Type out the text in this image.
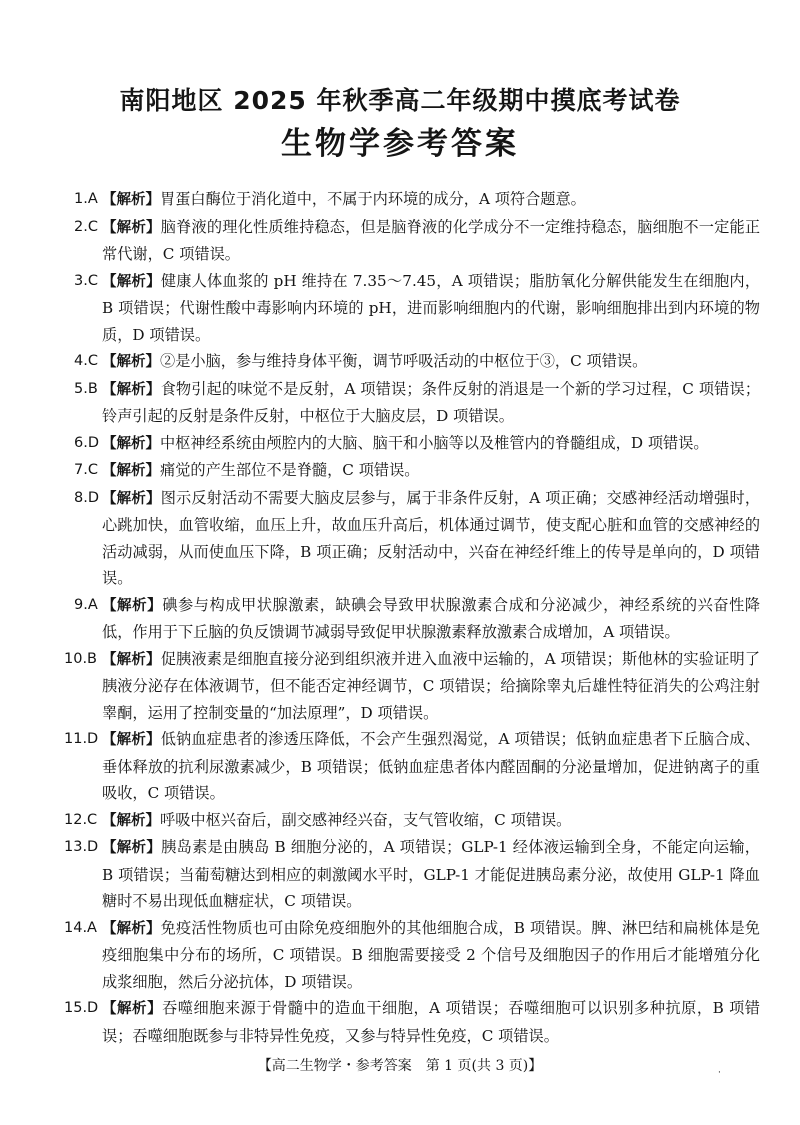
南阳地区 2025 年秋季高二年级期中摸底考试卷
生物学参考答案
1.A 【解析】胃蛋白酶位于消化道中，不属于内环境的成分，A 项符合题意。
2.C 【解析】脑脊液的理化性质维持稳态，但是脑脊液的化学成分不一定维持稳态，脑细胞不一定能正常代谢，C 项错误。
3.C 【解析】健康人体血浆的 pH 维持在 7.35～7.45，A 项错误；脂肪氧化分解供能发生在细胞内，B 项错误；代谢性酸中毒影响内环境的 pH，进而影响细胞内的代谢，影响细胞排出到内环境的物质，D 项错误。
4.C 【解析】②是小脑，参与维持身体平衡，调节呼吸活动的中枢位于③，C 项错误。
5.B 【解析】食物引起的味觉不是反射，A 项错误；条件反射的消退是一个新的学习过程，C 项错误；铃声引起的反射是条件反射，中枢位于大脑皮层，D 项错误。
6.D 【解析】中枢神经系统由颅腔内的大脑、脑干和小脑等以及椎管内的脊髓组成，D 项错误。
7.C 【解析】痛觉的产生部位不是脊髓，C 项错误。
8.D 【解析】图示反射活动不需要大脑皮层参与，属于非条件反射，A 项正确；交感神经活动增强时，心跳加快，血管收缩，血压上升，故血压升高后，机体通过调节，使支配心脏和血管的交感神经的活动减弱，从而使血压下降，B 项正确；反射活动中，兴奋在神经纤维上的传导是单向的，D 项错误。
9.A 【解析】碘参与构成甲状腺激素，缺碘会导致甲状腺激素合成和分泌减少，神经系统的兴奋性降低，作用于下丘脑的负反馈调节减弱导致促甲状腺激素释放激素合成增加，A 项错误。
10.B 【解析】促胰液素是细胞直接分泌到组织液并进入血液中运输的，A 项错误；斯他林的实验证明了胰液分泌存在体液调节，但不能否定神经调节，C 项错误；给摘除睾丸后雄性特征消失的公鸡注射睾酮，运用了控制变量的“加法原理”，D 项错误。
11.D 【解析】低钠血症患者的渗透压降低，不会产生强烈渴觉，A 项错误；低钠血症患者下丘脑合成、垂体释放的抗利尿激素减少，B 项错误；低钠血症患者体内醛固酮的分泌量增加，促进钠离子的重吸收，C 项错误。
12.C 【解析】呼吸中枢兴奋后，副交感神经兴奋，支气管收缩，C 项错误。
13.D 【解析】胰岛素是由胰岛 B 细胞分泌的，A 项错误；GLP-1 经体液运输到全身，不能定向运输，B 项错误；当葡萄糖达到相应的刺激阈水平时，GLP-1 才能促进胰岛素分泌，故使用 GLP-1 降血糖时不易出现低血糖症状，C 项错误。
14.A 【解析】免疫活性物质也可由除免疫细胞外的其他细胞合成，B 项错误。脾、淋巴结和扁桃体是免疫细胞集中分布的场所，C 项错误。B 细胞需要接受 2 个信号及细胞因子的作用后才能增殖分化成浆细胞，然后分泌抗体，D 项错误。
15.D 【解析】吞噬细胞来源于骨髓中的造血干细胞，A 项错误；吞噬细胞可以识别多种抗原，B 项错误；吞噬细胞既参与非特异性免疫，又参与特异性免疫，C 项错误。
【高二生物学・参考答案　第 1 页(共 3 页)】	·
